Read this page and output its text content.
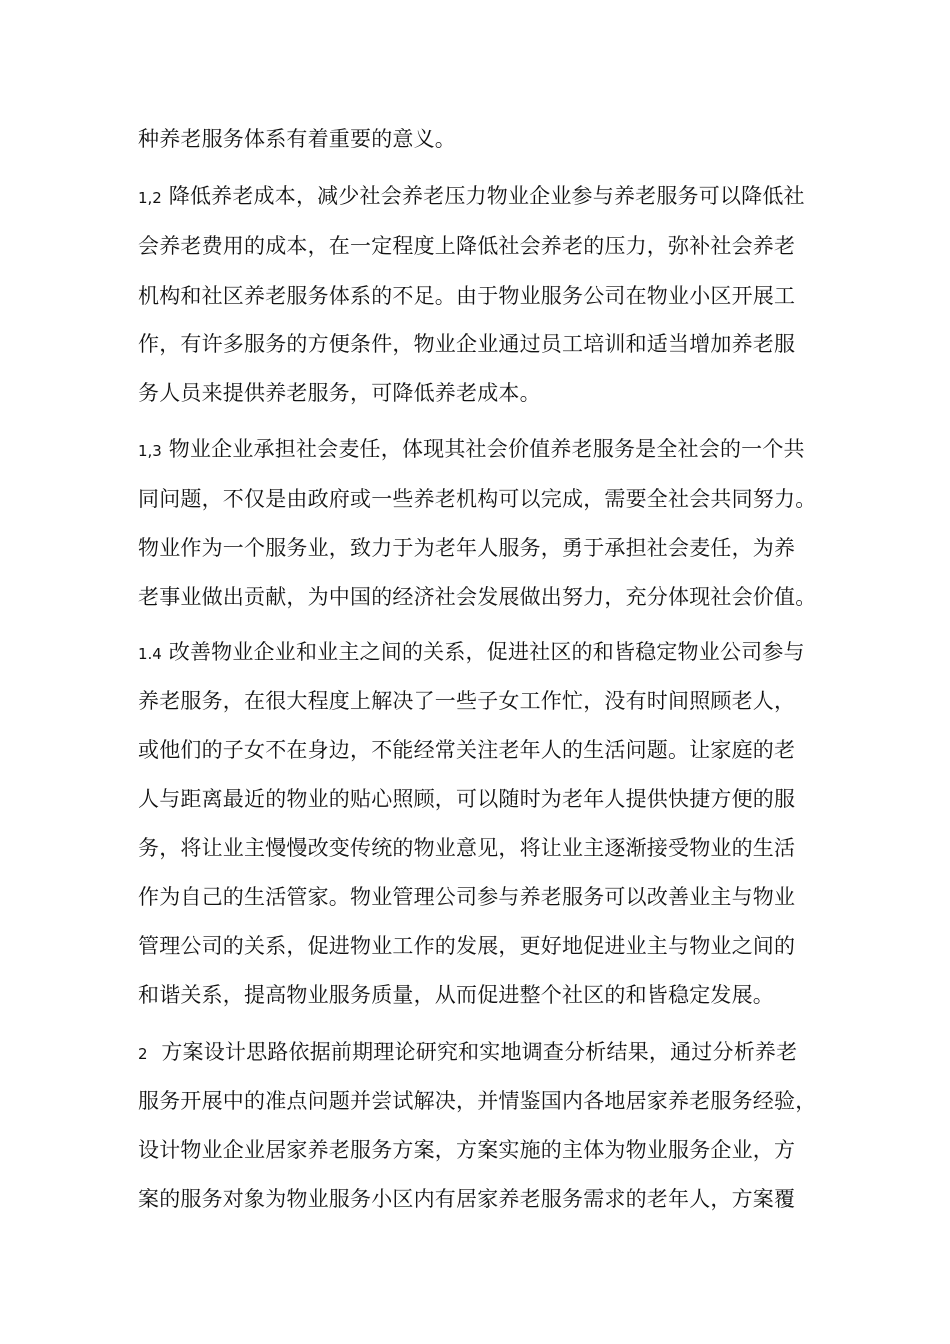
种养老服务体系有着重要的意义。
1,2 降低养老成本，减少社会养老压力物业企业参与养老服务可以降低社
会养老费用的成本，在一定程度上降低社会养老的压力，弥补社会养老
机构和社区养老服务体系的不足。由于物业服务公司在物业小区开展工
作，有许多服务的方便条件，物业企业通过员工培训和适当增加养老服
务人员来提供养老服务，可降低养老成本。
1,3 物业企业承担社会麦任，体现其社会价值养老服务是全社会的一个共
同问题，不仅是由政府或一些养老机构可以完成，需要全社会共同努力。
物业作为一个服务业，致力于为老年人服务，勇于承担社会麦任，为养
老事业做出贡献，为中国的经济社会发展做出努力，充分体现社会价值。
1.4 改善物业企业和业主之间的关系，促进社区的和皆稳定物业公司参与
养老服务，在很大程度上解决了一些子女工作忙，没有时间照顾老人，
或他们的子女不在身边，不能经常关注老年人的生活问题。让家庭的老
人与距离最近的物业的贴心照顾，可以随时为老年人提供快捷方便的服
务，将让业主慢慢改变传统的物业意见，将让业主逐渐接受物业的生活
作为自己的生活管家。物业管理公司参与养老服务可以改善业主与物业
管理公司的关系，促进物业工作的发展，更好地促进业主与物业之间的
和谐关系，提高物业服务质量，从而促进整个社区的和皆稳定发展。
2 方案设计思路依据前期理论研究和实地调查分析结果，通过分析养老
服务开展中的准点问题并尝试解决，并情鉴国内各地居家养老服务经验，
设计物业企业居家养老服务方案，方案实施的主体为物业服务企业，方
案的服务对象为物业服务小区内有居家养老服务需求的老年人，方案覆
